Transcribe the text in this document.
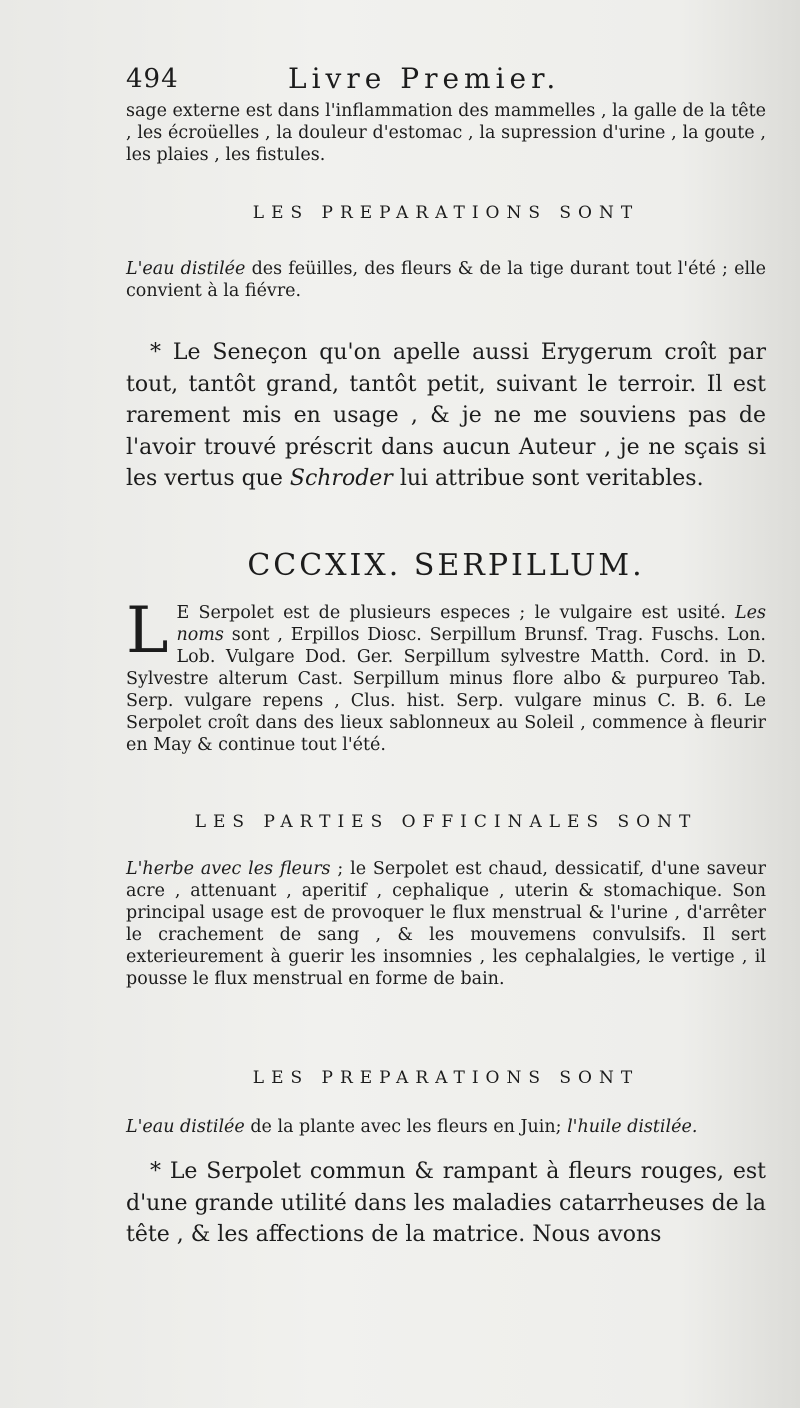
494	Livre Premier.
sage externe est dans l'inflammation des mammelles , la galle de la tête , les écroüelles , la douleur d'estomac , la supression d'urine , la goute , les plaies , les fistules.
LES PREPARATIONS SONT
L'eau distilée des feüilles, des fleurs & de la tige durant tout l'été ; elle convient à la fiévre.
* Le Seneçon qu'on apelle aussi Erygerum croît par tout, tantôt grand, tantôt petit, suivant le terroir. Il est rarement mis en usage , & je ne me souviens pas de l'avoir trouvé préscrit dans aucun Auteur , je ne sçais si les vertus que Schroder lui attribue sont veritables.
CCCXIX. SERPILLUM.
L E Serpolet est de plusieurs especes ; le vulgaire est usité. Les noms sont , Erpillos Diosc. Serpillum Brunsf. Trag. Fuschs. Lon. Lob. Vulgare Dod. Ger. Serpillum sylvestre Matth. Cord. in D. Sylvestre alterum Cast. Serpillum minus flore albo & purpureo Tab. Serp. vulgare repens , Clus. hist. Serp. vulgare minus C. B. 6. Le Serpolet croît dans des lieux sablonneux au Soleil , commence à fleurir en May & continue tout l'été.
LES PARTIES OFFICINALES SONT
L'herbe avec les fleurs ; le Serpolet est chaud, dessicatif, d'une saveur acre , attenuant , aperitif , cephalique , uterin & stomachique. Son principal usage est de provoquer le flux menstrual & l'urine , d'arrêter le crachement de sang , & les mouvemens convulsifs. Il sert exterieurement à guerir les insomnies , les cephalalgies, le vertige , il pousse le flux menstrual en forme de bain.
LES PREPARATIONS SONT
L'eau distilée de la plante avec les fleurs en Juin; l'huile distilée.
* Le Serpolet commun & rampant à fleurs rouges, est d'une grande utilité dans les maladies catarrheuses de la tête , & les affections de la matrice. Nous avons
